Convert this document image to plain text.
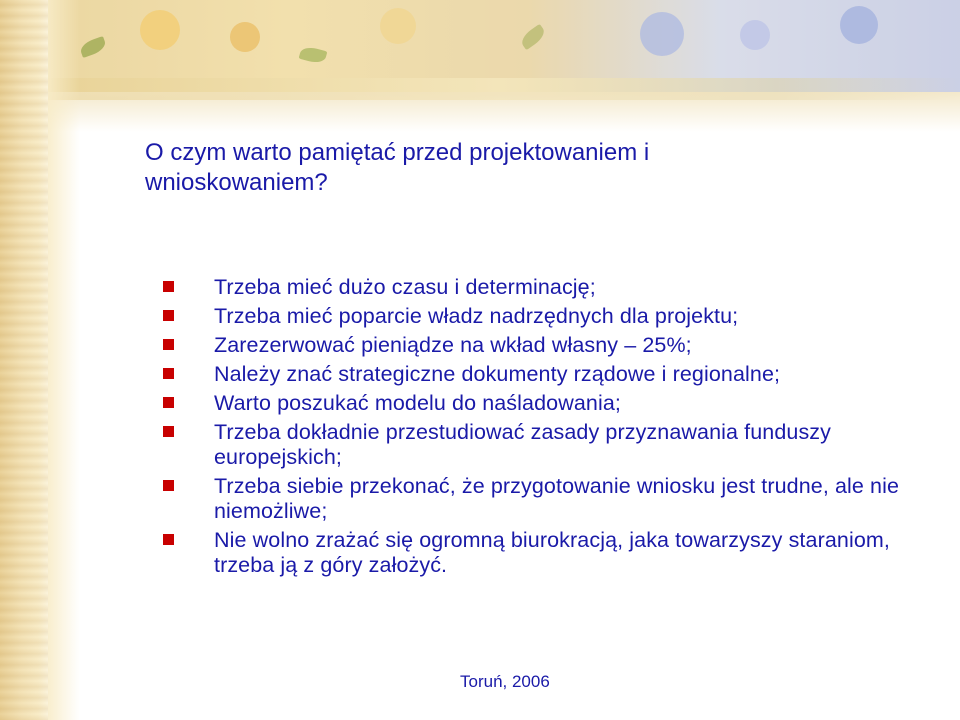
O czym warto pamiętać przed projektowaniem i wnioskowaniem?
Trzeba mieć dużo czasu i determinację;
Trzeba mieć poparcie władz nadrzędnych dla projektu;
Zarezerwować pieniądze na wkład własny – 25%;
Należy znać strategiczne dokumenty rządowe i regionalne;
Warto poszukać modelu do naśladowania;
Trzeba dokładnie przestudiować zasady przyznawania funduszy europejskich;
Trzeba siebie przekonać, że przygotowanie wniosku jest trudne, ale nie niemożliwe;
Nie wolno zrażać się ogromną biurokracją, jaka towarzyszy staraniom, trzeba ją z góry założyć.
Toruń, 2006
